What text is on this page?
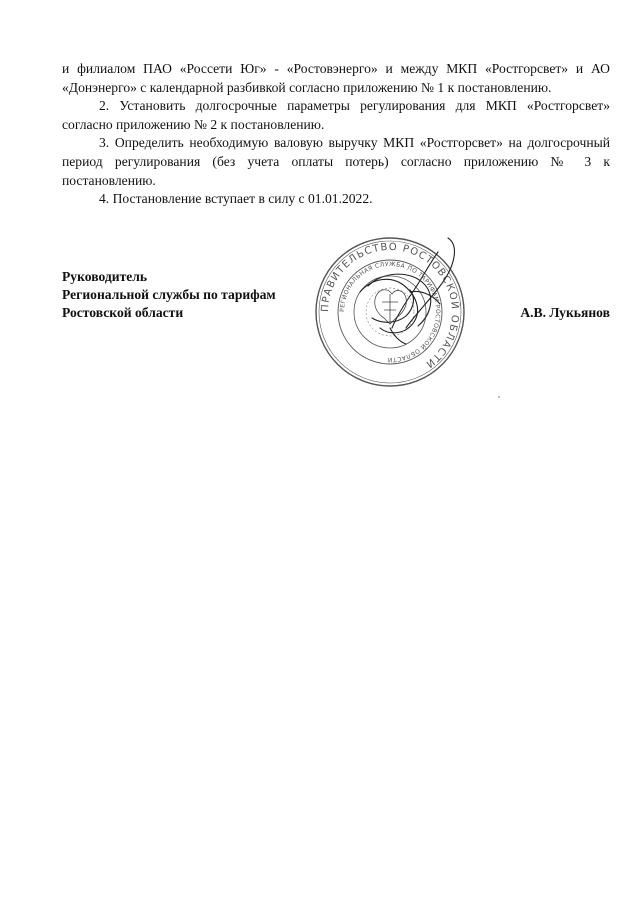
и филиалом ПАО «Россети Юг» - «Ростовэнерго» и между МКП «Ростгорсвет» и АО «Донэнерго» с календарной разбивкой согласно приложению № 1 к постановлению.

2. Установить долгосрочные параметры регулирования для МКП «Ростгорсвет» согласно приложению № 2 к постановлению.

3. Определить необходимую валовую выручку МКП «Ростгорсвет» на долгосрочный период регулирования (без учета оплаты потерь) согласно приложению № 3 к постановлению.

4. Постановление вступает в силу с 01.01.2022.

Руководитель
Региональной службы по тарифам
Ростовской области	А.В. Лукьянов
ПРАВИТЕЛЬСТВО РОСТОВСКОЙ ОБЛАСТИ
РЕГИОНАЛЬНАЯ СЛУЖБА ПО ТАРИФАМ РОСТОВСКОЙ ОБЛАСТИ
